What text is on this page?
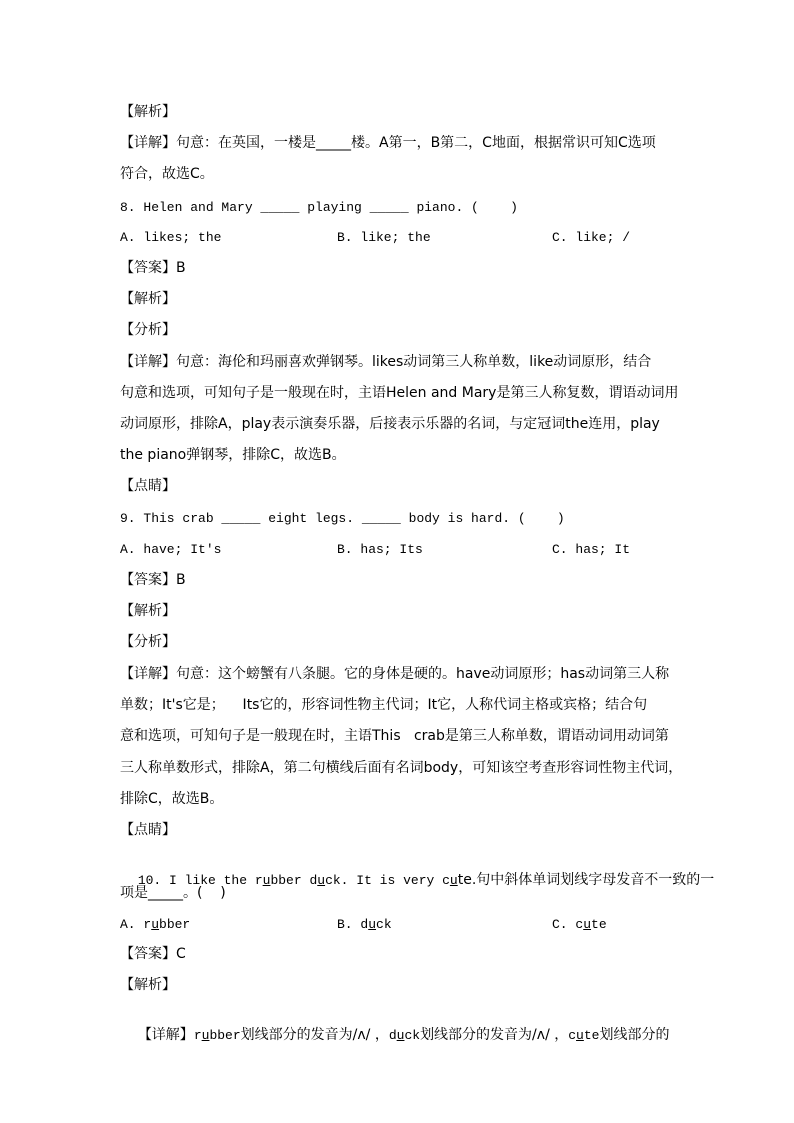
【解析】
【详解】句意：在英国，一楼是_____楼。A第一，B第二，C地面，根据常识可知C选项
符合，故选C。
8. Helen and Mary _____ playing _____ piano. (    )
A. likes; the	B. like; the	C. like; /
【答案】B
【解析】
【分析】
【详解】句意：海伦和玛丽喜欢弹钢琴。likes动词第三人称单数，like动词原形，结合
句意和选项，可知句子是一般现在时，主语Helen and Mary是第三人称复数，谓语动词用
动词原形，排除A，play表示演奏乐器，后接表示乐器的名词，与定冠词the连用，play
the piano弹钢琴，排除C，故选B。
【点睛】
9. This crab _____ eight legs. _____ body is hard. (    )
A. have; It's	B. has; Its	C. has; It
【答案】B
【解析】
【分析】
【详解】句意：这个螃蟹有八条腿。它的身体是硬的。have动词原形；has动词第三人称
单数；It's它是；    Its它的，形容词性物主代词；It它，人称代词主格或宾格；结合句
意和选项，可知句子是一般现在时，主语This   crab是第三人称单数，谓语动词用动词第
三人称单数形式，排除A，第二句横线后面有名词body，可知该空考查形容词性物主代词，
排除C，故选B。
【点睛】

10. I like the rubber duck. It is very cute.句中斜体单词划线字母发音不一致的一

项是_____。(    )
A. rubber	B. duck	C. cute
【答案】C
【解析】

【详解】rubber划线部分的发音为/ʌ/ ，duck划线部分的发音为/ʌ/ ，cute划线部分的
